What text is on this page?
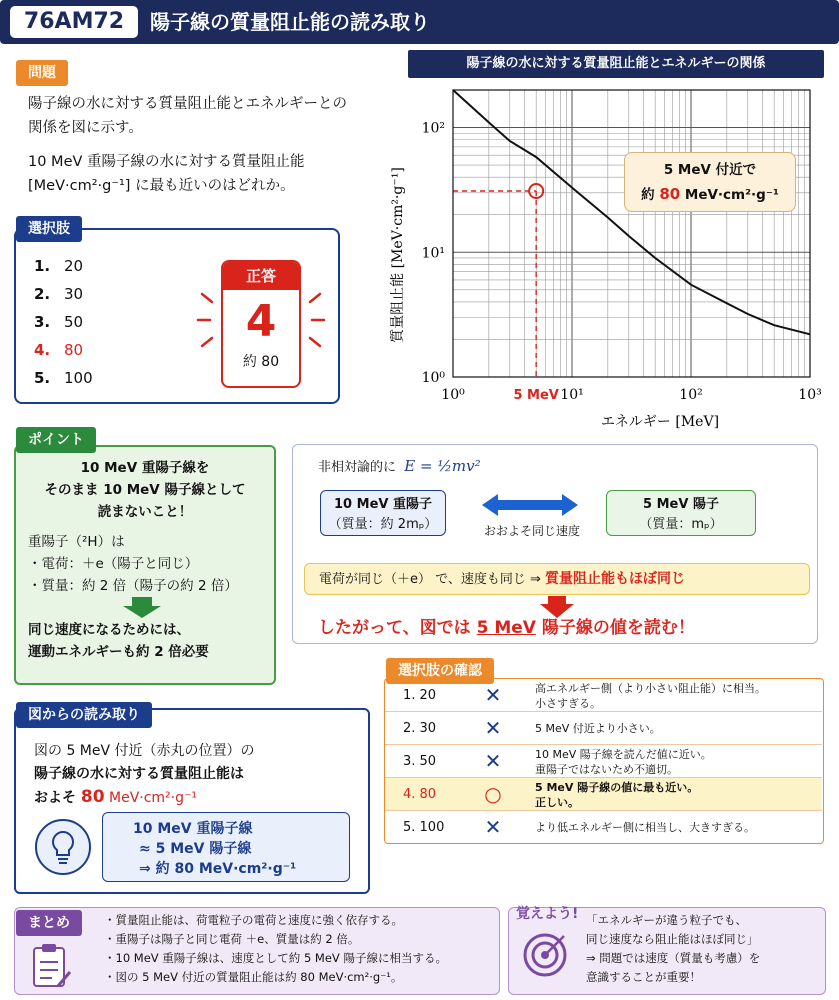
76AM72	陽子線の質量阻止能の読み取り
問題
陽子線の水に対する質量阻止能とエネルギーとの
関係を図に示す。
10 MeV 重陽子線の水に対する質量阻止能
[MeV·cm²·g⁻¹] に最も近いのはどれか。
陽子線の水に対する質量阻止能とエネルギーの関係
10⁰	10¹	10²	10³
10⁰
10¹
10²
5 MeV
エネルギー [MeV]
質量阻止能 [MeV·cm²·g⁻¹]	5 MeV 付近で
約 80 MeV·cm²·g⁻¹
選択肢
1. 20
2. 30
3. 50
4. 80
5. 100
正答
4
約 80
10 MeV 重陽子線を
そのまま 10 MeV 陽子線として
読まないこと！
重陽子（²H）は
・電荷：＋e（陽子と同じ）
・質量：約 2 倍（陽子の約 2 倍）
同じ速度になるためには、
運動エネルギーも約 2 倍必要
ポイント
非相対論的に E = ½mv²
10 MeV 重陽子
（質量：約 2mₚ）	おおよそ同じ速度
5 MeV 陽子
（質量：mₚ）
電荷が同じ（＋e） で、速度も同じ ⇒ 質量阻止能もほぼ同じ
したがって、図では 5 MeV 陽子線の値を読む！
選択肢の確認
1. 20	✕	高エネルギー側（より小さい阻止能）に相当。
小さすぎる。
2. 30	✕	5 MeV 付近より小さい。
3. 50	✕	10 MeV 陽子線を読んだ値に近い。
重陽子ではないため不適切。
4. 80	○	5 MeV 陽子線の値に最も近い。
正しい。
5. 100	✕	より低エネルギー側に相当し、大きすぎる。
図の 5 MeV 付近（赤丸の位置）の
陽子線の水に対する質量阻止能は
およそ 80 MeV·cm²·g⁻¹
図からの読み取り
10 MeV 重陽子線
≈ 5 MeV 陽子線
⇒ 約 80 MeV·cm²·g⁻¹
まとめ	・質量阻止能は、荷電粒子の電荷と速度に強く依存する。
・重陽子は陽子と同じ電荷 ＋e、質量は約 2 倍。
・10 MeV 重陽子線は、速度として約 5 MeV 陽子線に相当する。
・図の 5 MeV 付近の質量阻止能は約 80 MeV·cm²·g⁻¹。
覚えよう! 「エネルギーが違う粒子でも、
同じ速度なら阻止能はほぼ同じ」
⇒ 問題では速度（質量も考慮）を
意識することが重要！
